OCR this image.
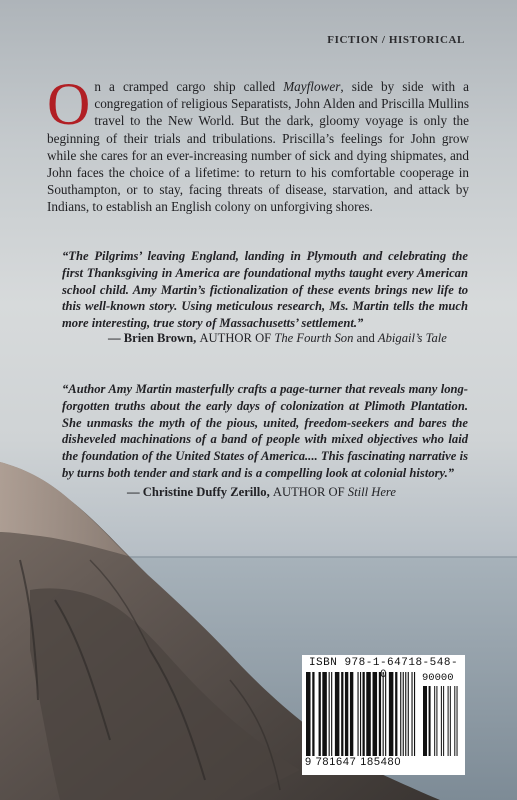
FICTION / HISTORICAL

On a cramped cargo ship called Mayflower, side by side with a congregation of religious Separatists, John Alden and Priscilla Mullins travel to the New World. But the dark, gloomy voyage is only the beginning of their trials and tribulations. Priscilla’s feelings for John grow while she cares for an ever-increasing number of sick and dying shipmates, and John faces the choice of a lifetime: to return to his comfortable cooperage in Southampton, or to stay, facing threats of disease, starvation, and attack by Indians, to establish an English colony on unforgiving shores.

“The Pilgrims’ leaving England, landing in Plymouth and celebrating the first Thanksgiving in America are foundational myths taught every American school child. Amy Martin’s fictionalization of these events brings new life to this well-known story. Using meticulous research, Ms. Martin tells the much more interesting, true story of Massachusetts’ settlement.”

— Brien Brown, AUTHOR OF The Fourth Son and Abigail’s Tale

“Author Amy Martin masterfully crafts a page-turner that reveals many long-forgotten truths about the early days of colonization at Plimoth Plantation. She unmasks the myth of the pious, united, freedom-seekers and bares the disheveled machinations of a band of people with mixed objectives who laid the foundation of the United States of America.... This fascinating narrative is by turns both tender and stark and is a compelling look at colonial history.”

— Christine Duffy Zerillo, AUTHOR OF Still Here

ISBN 978-1-64718-548-
90000
9 781647 185480
